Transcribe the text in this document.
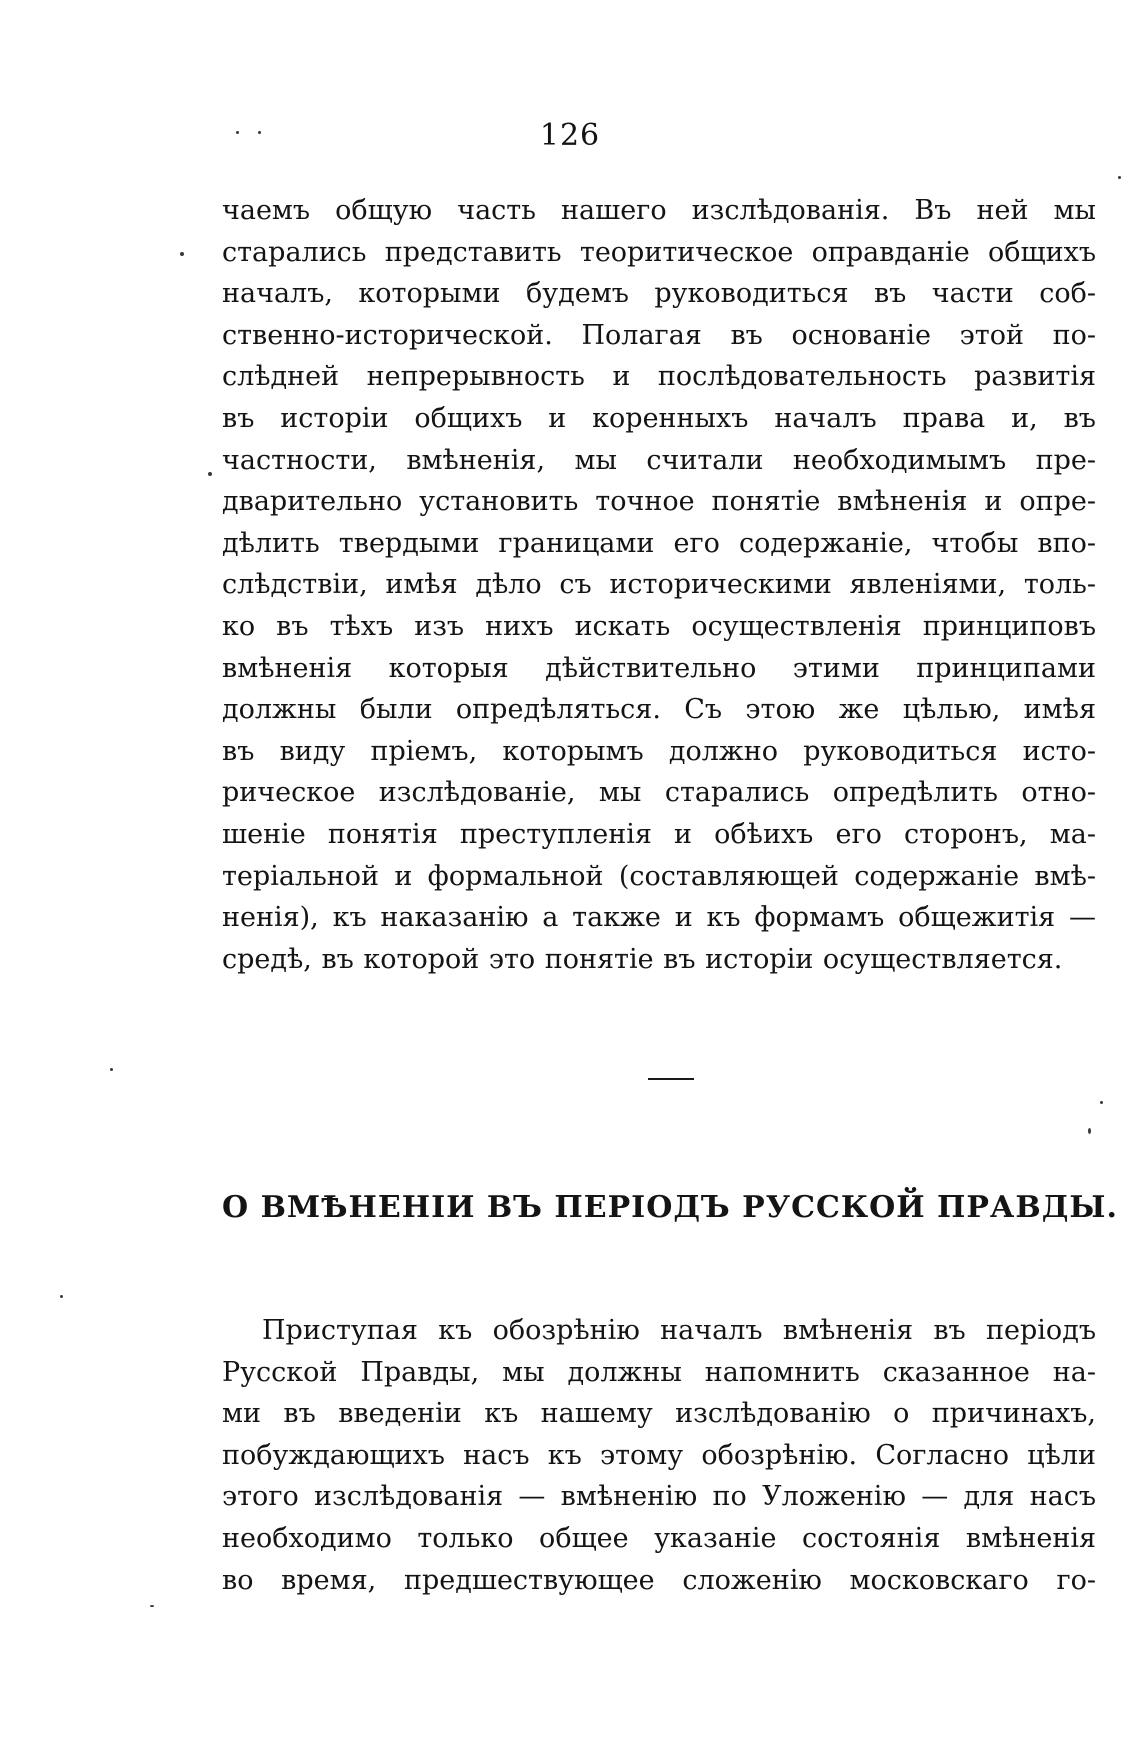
126
чаемъ общую часть нашего изслѣдованія. Въ ней мы
старались представить теоритическое оправданіе общихъ
началъ, которыми будемъ руководиться въ части соб-
ственно-исторической. Полагая въ основаніе этой по-
слѣдней непрерывность и послѣдовательность развитія
въ исторіи общихъ и коренныхъ началъ права и, въ
частности, вмѣненія, мы считали необходимымъ пре-
дварительно установить точное понятіе вмѣненія и опре-
дѣлить твердыми границами его содержаніе, чтобы впо-
слѣдствіи, имѣя дѣло съ историческими явленіями, толь-
ко въ тѣхъ изъ нихъ искать осуществленія принциповъ
вмѣненія которыя дѣйствительно этими принципами
должны были опредѣляться. Съ этою же цѣлью, имѣя
въ виду пріемъ, которымъ должно руководиться исто-
рическое изслѣдованіе, мы старались опредѣлить отно-
шеніе понятія преступленія и обѣихъ его сторонъ, ма-
теріальной и формальной (составляющей содержаніе вмѣ-
ненія), къ наказанію а также и къ формамъ общежитія —
средѣ, въ которой это понятіе въ исторіи осуществляется.
О ВМѢНЕНІИ ВЪ ПЕРІОДЪ РУССКОЙ ПРАВДЫ.
Приступая къ обозрѣнію началъ вмѣненія въ періодъ
Русской Правды, мы должны напомнить сказанное на-
ми въ введеніи къ нашему изслѣдованію о причинахъ,
побуждающихъ насъ къ этому обозрѣнію. Согласно цѣли
этого изслѣдованія — вмѣненію по Уложенію — для насъ
необходимо только общее указаніе состоянія вмѣненія
во время, предшествующее сложенію московскаго го-
